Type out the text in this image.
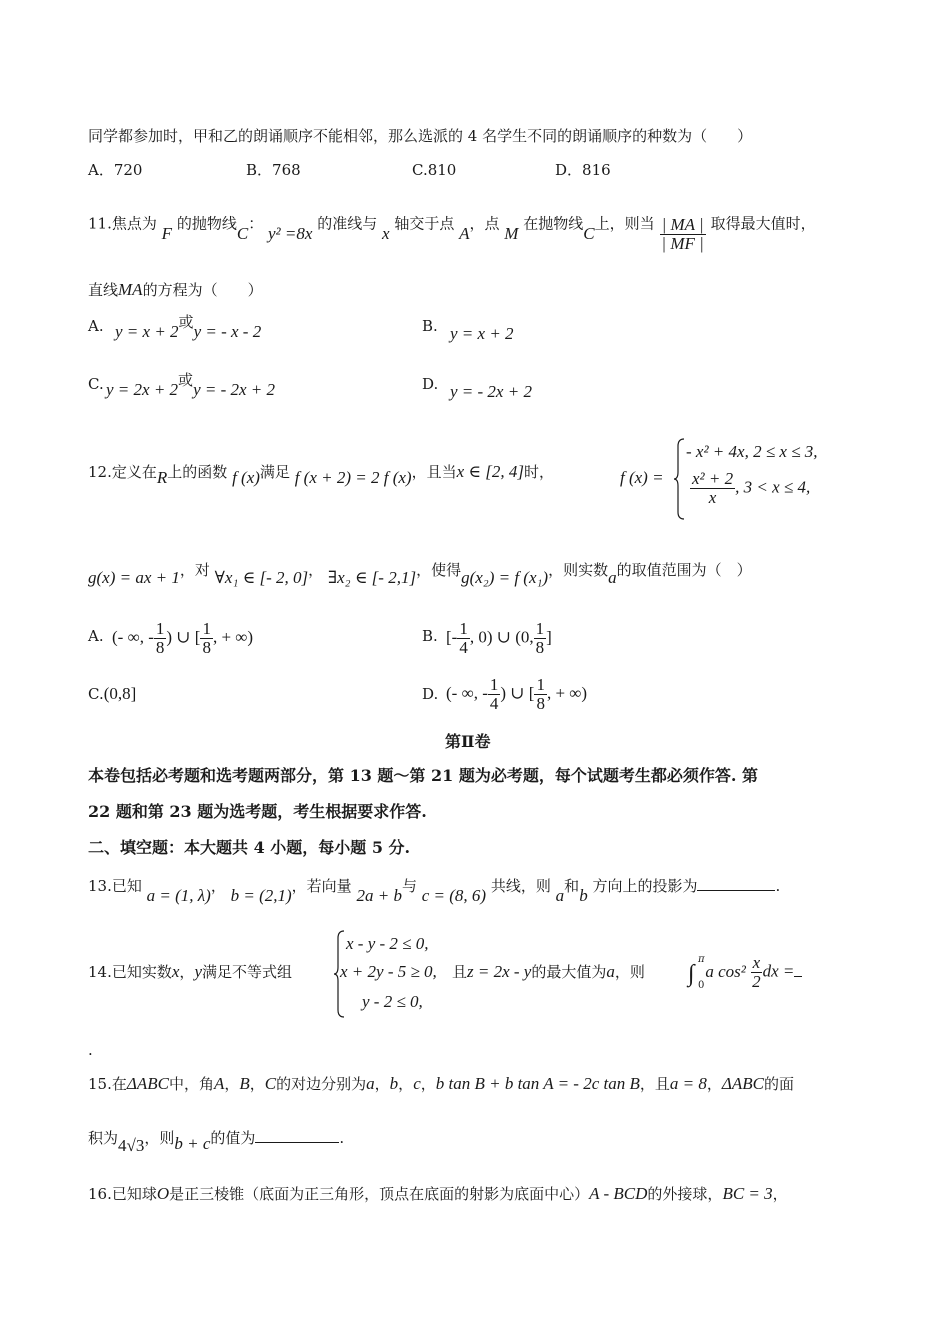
同学都参加时，甲和乙的朗诵顺序不能相邻，那么选派的 4 名学生不同的朗诵顺序的种数为（　　）
A．720	B．768	C.810	D．816
11.焦点为 F 的抛物线C： y² =8x 的准线与 x 轴交于点 A，点 M 在抛物线C上，则当 $\frac{| MA |}{| MF |}$ 取得最大值时，
直线MA的方程为（　　）
A. y = x + 2或y = - x - 2	B. y = x + 2
C. y = 2x + 2或y = - 2x + 2	D. y = - 2x + 2
12.定义在R上的函数 f (x)满足 f (x + 2) = 2 f (x)，且当x ∈ [2, 4]时，	f (x) =
- x² + 4x, 2 ≤ x ≤ 3,
$\frac{\text{x² + 2}}{x}$ , 3 < x ≤ 4,
g(x) = ax + 1，对 ∀x₁ ∈ [- 2, 0]， ∃x₂ ∈ [- 2,1]，使得g(x₂) = f (x₁)，则实数a的取值范围为（　）
A. (- ∞, - $\frac{1}{8}$ ) ∪ [ $\frac{1}{8}$ , + ∞)	B. [- $\frac{1}{4}$ , 0) ∪ (0, $\frac{1}{8}$ ]
C.(0,8]	D. (- ∞, - $\frac{1}{4}$ ) ∪ [ $\frac{1}{8}$ , + ∞)
第Ⅱ卷
本卷包括必考题和选考题两部分，第 13 题～第 21 题为必考题，每个试题考生都必须作答. 第
22 题和第 23 题为选考题，考生根据要求作答.
二、填空题：本大题共 4 小题，每小题 5 分.
13.已知 a = (1, λ)， b = (2,1)，若向量 2a + b与 c = (8, 6) 共线，则 a和b 方向上的投影为	.
14.已知实数x，y满足不等式组
x - y - 2 ≤ 0,
x + 2y - 5 ≥ 0,
y - 2 ≤ 0,
且z = 2x - y的最大值为a，则 ∫
π
0
a $\cos^2 \frac{x}{2}$ dx =
.
15.在ΔABC中，角A，B，C的对边分别为a，b，c，b tan B + b tan A = - 2c tan B，且a = 8，ΔABC的面
积为4√3，则b + c的值为	.
16.已知球O是正三棱锥（底面为正三角形，顶点在底面的射影为底面中心）A - BCD的外接球，BC = 3，
